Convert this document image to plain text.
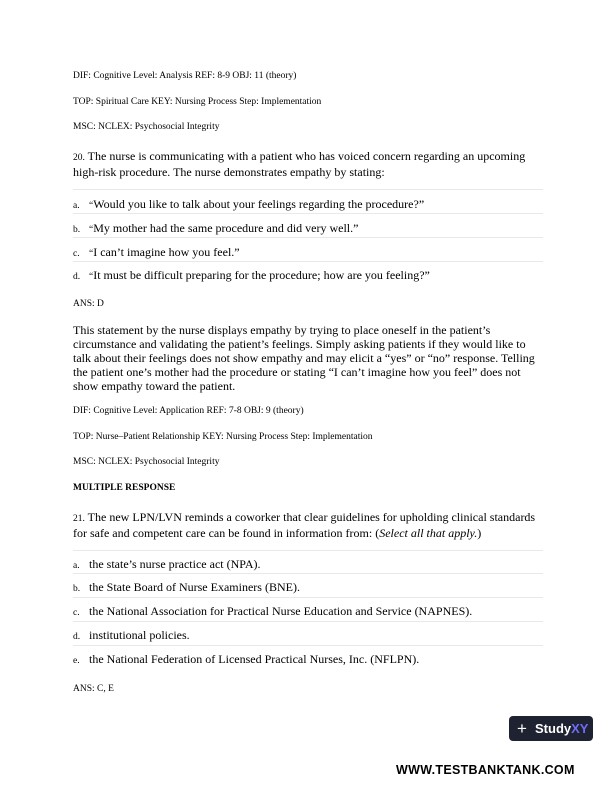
DIF: Cognitive Level: Analysis REF: 8-9 OBJ: 11 (theory)
TOP: Spiritual Care KEY: Nursing Process Step: Implementation
MSC: NCLEX: Psychosocial Integrity
20. The nurse is communicating with a patient who has voiced concern regarding an upcoming high-risk procedure. The nurse demonstrates empathy by stating:
a. “Would you like to talk about your feelings regarding the procedure?”
b. “My mother had the same procedure and did very well.”
c. “I can’t imagine how you feel.”
d. “It must be difficult preparing for the procedure; how are you feeling?”
ANS: D
This statement by the nurse displays empathy by trying to place oneself in the patient’s circumstance and validating the patient’s feelings. Simply asking patients if they would like to talk about their feelings does not show empathy and may elicit a “yes” or “no” response. Telling the patient one’s mother had the procedure or stating “I can’t imagine how you feel” does not show empathy toward the patient.
DIF: Cognitive Level: Application REF: 7-8 OBJ: 9 (theory)
TOP: Nurse–Patient Relationship KEY: Nursing Process Step: Implementation
MSC: NCLEX: Psychosocial Integrity
MULTIPLE RESPONSE
21. The new LPN/LVN reminds a coworker that clear guidelines for upholding clinical standards for safe and competent care can be found in information from: (Select all that apply.)
a. the state’s nurse practice act (NPA).
b. the State Board of Nurse Examiners (BNE).
c. the National Association for Practical Nurse Education and Service (NAPNES).
d. institutional policies.
e. the National Federation of Licensed Practical Nurses, Inc. (NFLPN).
ANS: C, E
+ Study XY
WWW.TESTBANKTANK.COM
